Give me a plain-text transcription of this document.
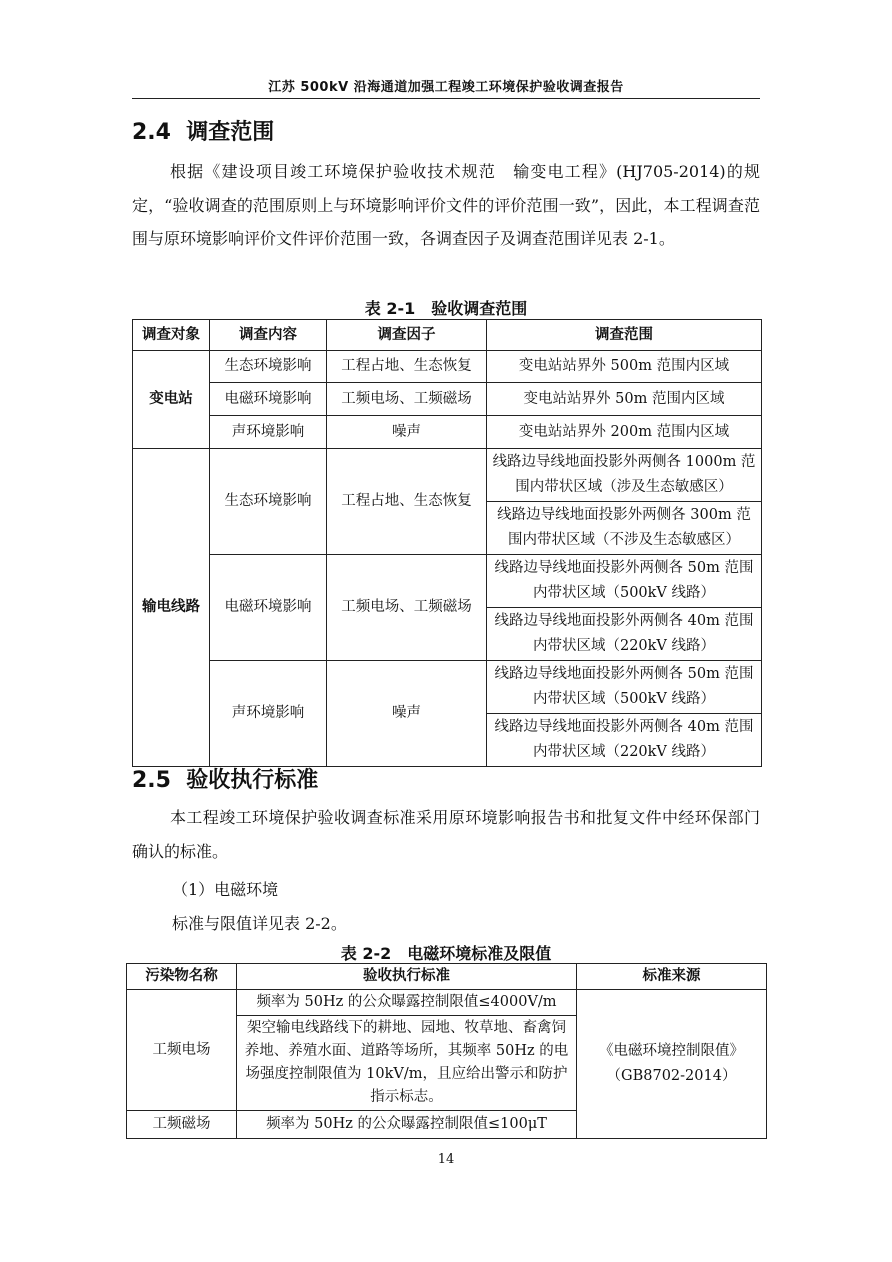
江苏 500kV 沿海通道加强工程竣工环境保护验收调查报告
2.4  调查范围
根据《建设项目竣工环境保护验收技术规范　输变电工程》(HJ705-2014)的规定，“验收调查的范围原则上与环境影响评价文件的评价范围一致”，因此，本工程调查范围与原环境影响评价文件评价范围一致，各调查因子及调查范围详见表 2-1。
表 2-1　验收调查范围
调查对象	调查内容	调查因子	调查范围
变电站	生态环境影响	工程占地、生态恢复	变电站站界外 500m 范围内区域
	电磁环境影响	工频电场、工频磁场	变电站站界外 50m 范围内区域
	声环境影响	噪声	变电站站界外 200m 范围内区域
输电线路	生态环境影响	工程占地、生态恢复	线路边导线地面投影外两侧各 1000m 范围内带状区域（涉及生态敏感区）
			线路边导线地面投影外两侧各 300m 范围内带状区域（不涉及生态敏感区）
	电磁环境影响	工频电场、工频磁场	线路边导线地面投影外两侧各 50m 范围内带状区域（500kV 线路）
			线路边导线地面投影外两侧各 40m 范围内带状区域（220kV 线路）
	声环境影响	噪声	线路边导线地面投影外两侧各 50m 范围内带状区域（500kV 线路）
			线路边导线地面投影外两侧各 40m 范围内带状区域（220kV 线路）
2.5  验收执行标准
本工程竣工环境保护验收调查标准采用原环境影响报告书和批复文件中经环保部门确认的标准。
（1）电磁环境
标准与限值详见表 2-2。
表 2-2　电磁环境标准及限值
污染物名称	验收执行标准	标准来源
工频电场	频率为 50Hz 的公众曝露控制限值≤4000V/m	《电磁环境控制限值》
（GB8702-2014）

	架空输电线路线下的耕地、园地、牧草地、畜禽饲养地、养殖水面、道路等场所，其频率 50Hz 的电场强度控制限值为 10kV/m，且应给出警示和防护指示标志。	
工频磁场	频率为 50Hz 的公众曝露控制限值≤100μT	
14
